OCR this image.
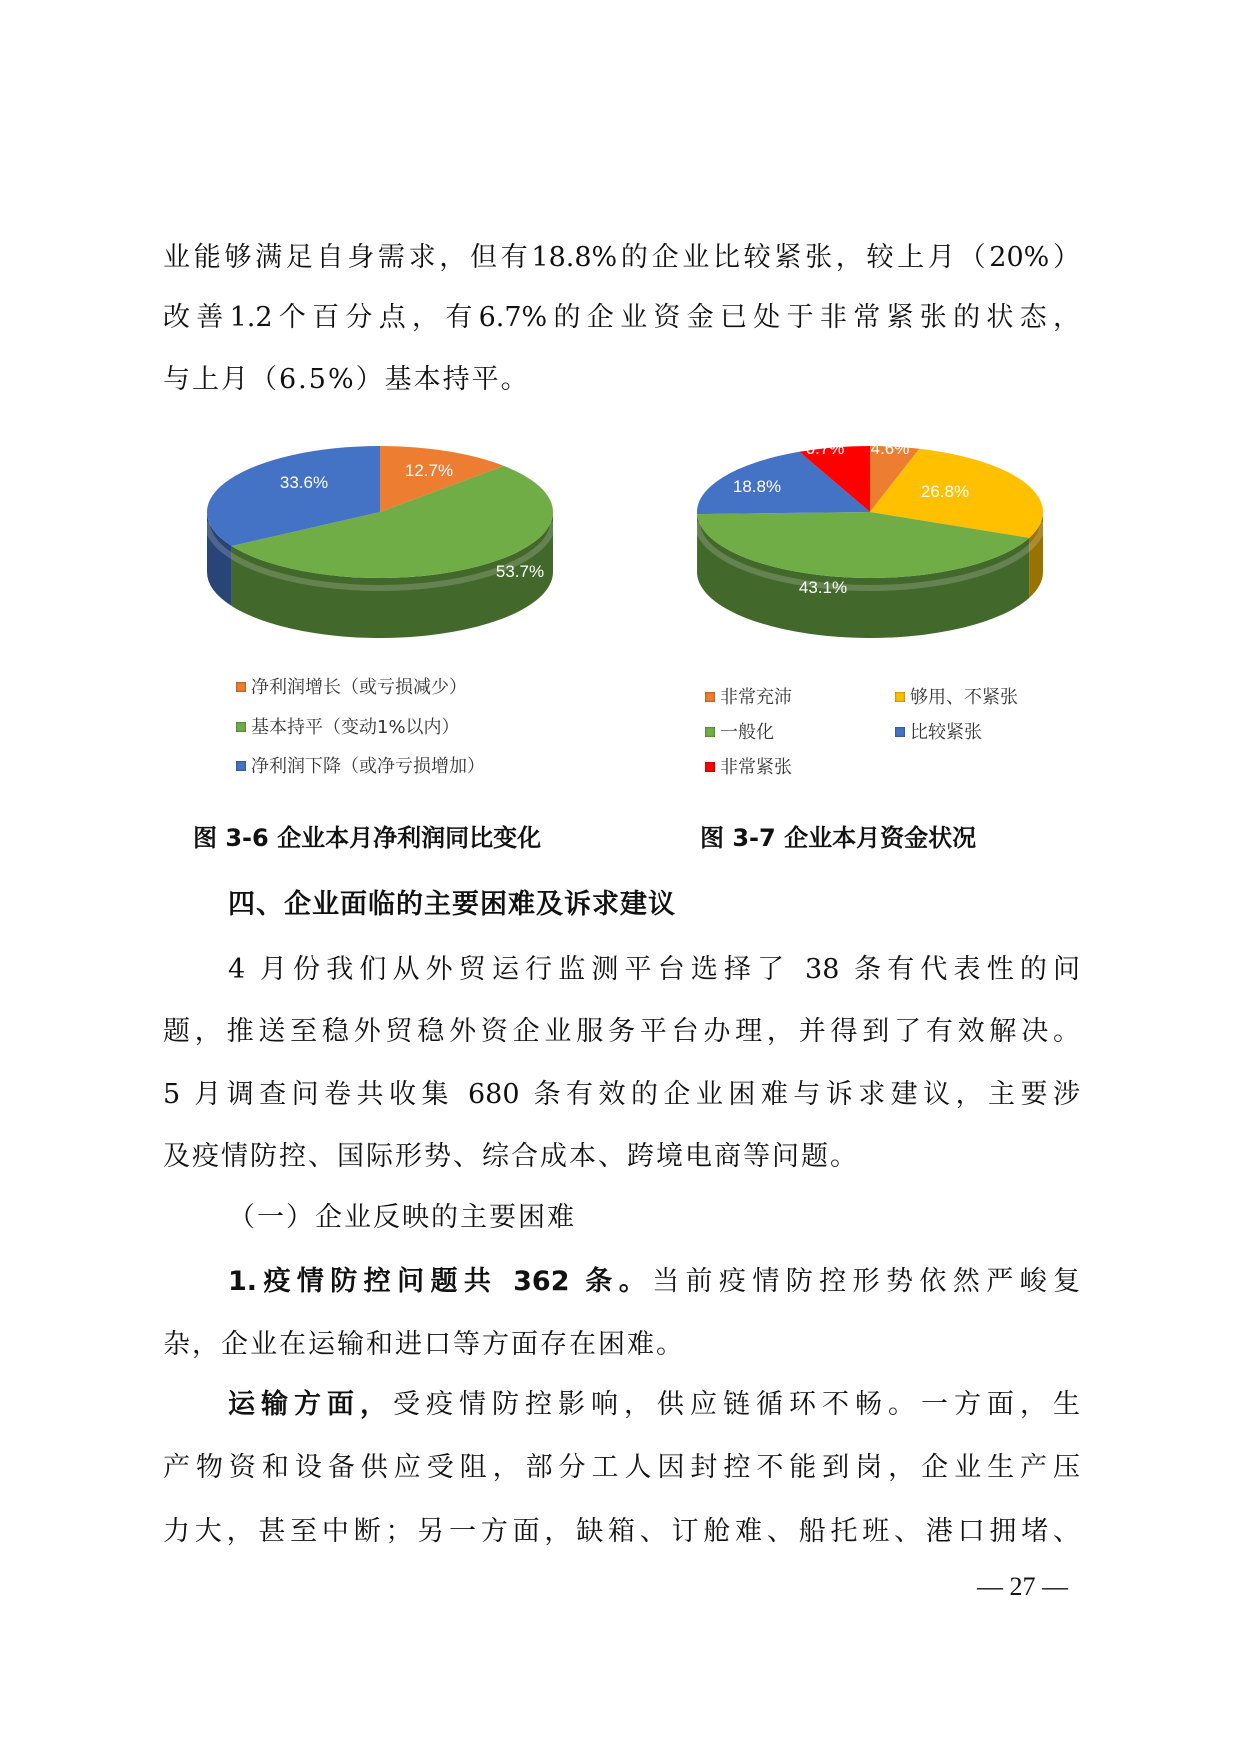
业能够满足自身需求，但有18.8%的企业比较紧张，较上月（20%）
改善1.2个百分点，有6.7%的企业资金已处于非常紧张的状态，
与上月（6.5%）基本持平。
12.7%
53.7%
33.6%
4.6%
26.8%
43.1%
18.8%
6.7%
净利润增长（或亏损减少）
基本持平（变动1%以内）
净利润下降（或净亏损增加）
非常充沛	够用、不紧张
一般化	比较紧张
非常紧张
图 3-6 企业本月净利润同比变化	图 3-7 企业本月资金状况
四、企业面临的主要困难及诉求建议
4 月份我们从外贸运行监测平台选择了 38 条有代表性的问
题，推送至稳外贸稳外资企业服务平台办理，并得到了有效解决。
5 月调查问卷共收集 680 条有效的企业困难与诉求建议，主要涉
及疫情防控、国际形势、综合成本、跨境电商等问题。
（一）企业反映的主要困难
1.疫情防控问题共 362 条。当前疫情防控形势依然严峻复
杂，企业在运输和进口等方面存在困难。
运输方面，受疫情防控影响，供应链循环不畅。一方面，生
产物资和设备供应受阻，部分工人因封控不能到岗，企业生产压
力大，甚至中断；另一方面，缺箱、订舱难、船托班、港口拥堵、
— 27 —
